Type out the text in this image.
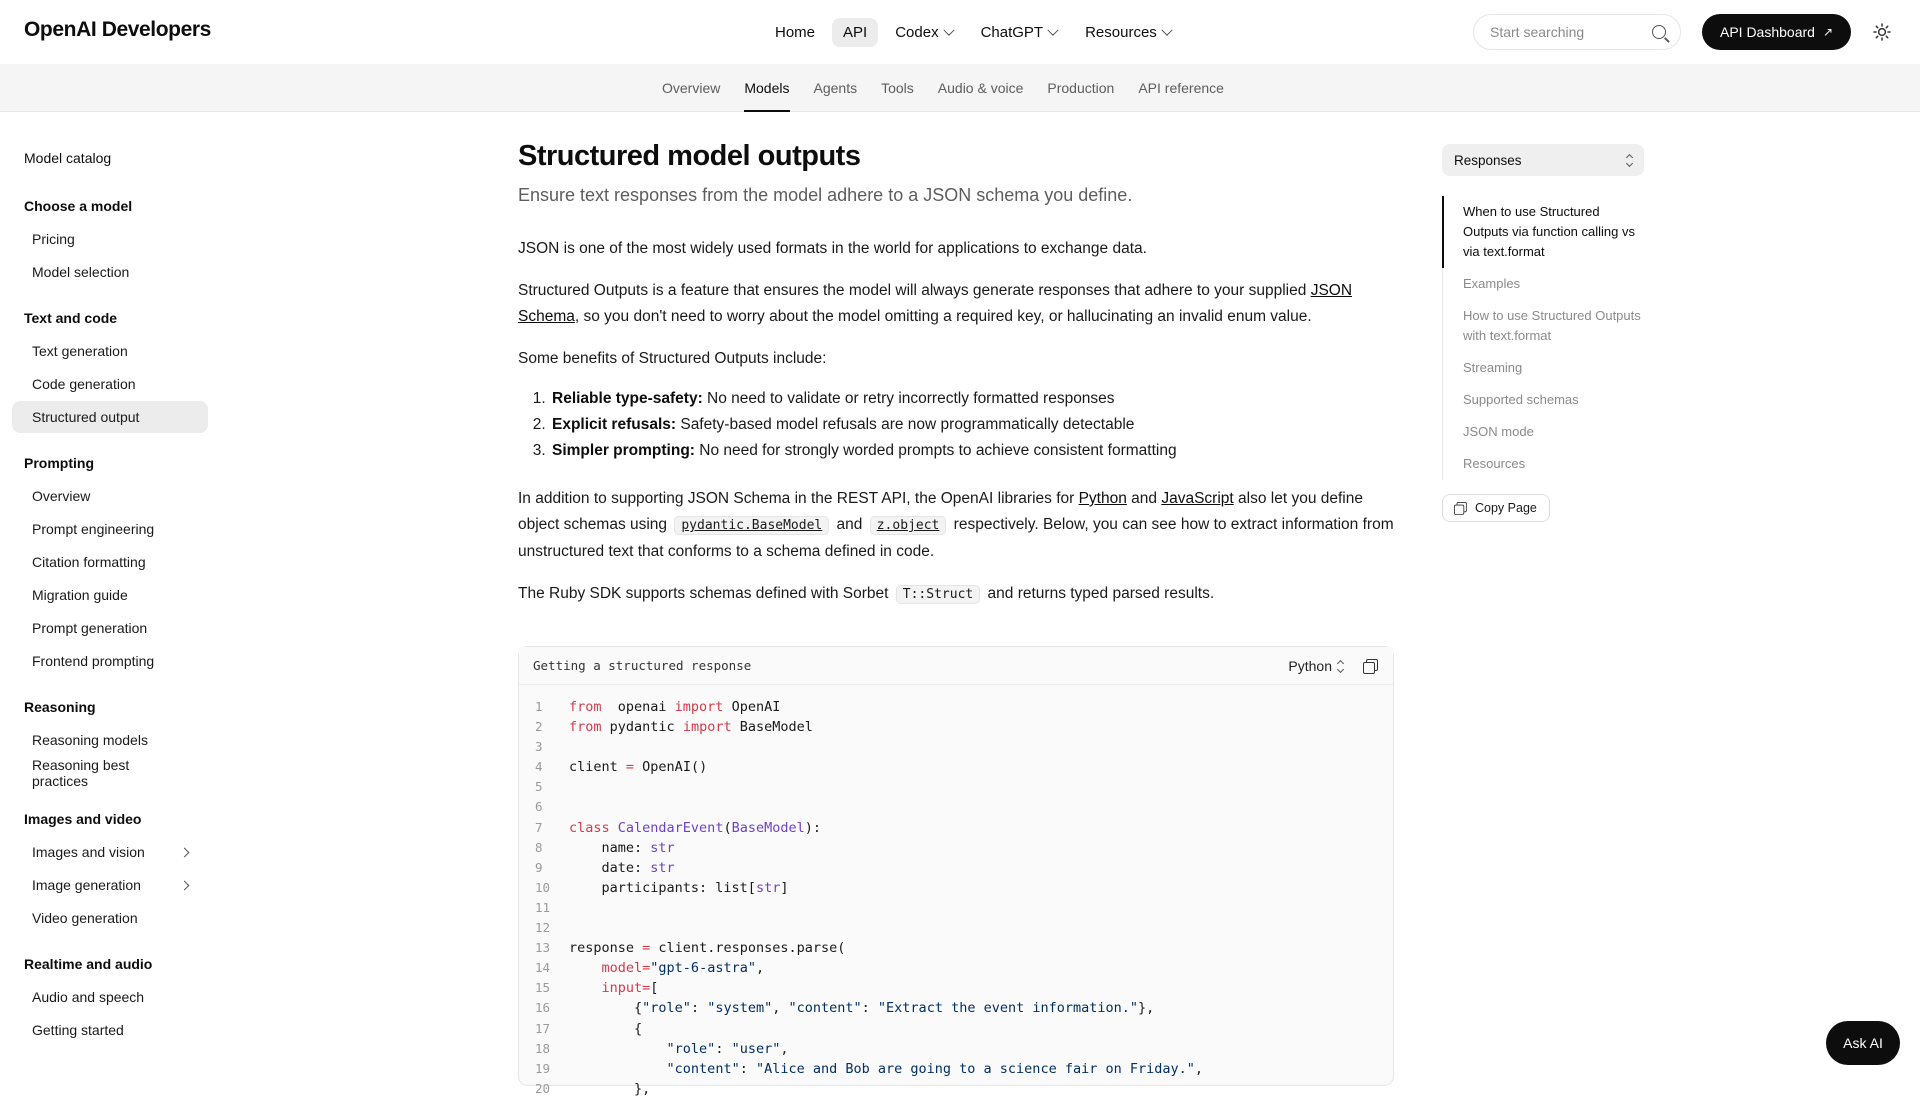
OpenAI Developers	Home API Codex	ChatGPT	Resources	Start searching	API Dashboard ↗
Overview Models Agents Tools Audio & voice Production API reference
Model catalog
Choose a model
Pricing
Model selection
Text and code
Text generation
Code generation
Structured output
Prompting
Overview
Prompt engineering
Citation formatting
Migration guide
Prompt generation
Frontend prompting
Reasoning
Reasoning models
Reasoning best practices
Images and video
Images and vision
Image generation
Video generation
Realtime and audio
Audio and speech
Getting started
Structured model outputs
Ensure text responses from the model adhere to a JSON schema you define.

JSON is one of the most widely used formats in the world for applications to exchange data.

Structured Outputs is a feature that ensures the model will always generate responses that adhere to your supplied JSON Schema, so you don't need to worry about the model omitting a required key, or hallucinating an invalid enum value.

Some benefits of Structured Outputs include:

1. Reliable type-safety: No need to validate or retry incorrectly formatted responses
2. Explicit refusals: Safety-based model refusals are now programmatically detectable
3. Simpler prompting: No need for strongly worded prompts to achieve consistent formatting

In addition to supporting JSON Schema in the REST API, the OpenAI libraries for Python and JavaScript also let you define object schemas using pydantic.BaseModel and z.object respectively. Below, you can see how to extract information from unstructured text that conforms to a schema defined in code.

The Ruby SDK supports schemas defined with Sorbet T::Struct and returns typed parsed results.

Getting a structured response	Python
1	from  openai import OpenAI
2	from pydantic import BaseModel
3
4	client = OpenAI()
5
6
7	class CalendarEvent(BaseModel):
8	name: str
9	date: str
10	participants: list[str]
11
12
13	response = client.responses.parse(
14	model="gpt-6-astra",
15	input=[
16	{"role": "system", "content": "Extract the event information."},
17	{
18	"role": "user",
19	"content": "Alice and Bob are going to a science fair on Friday.",
20	},
Responses
When to use Structured Outputs via function calling vs via text.format
Examples
How to use Structured Outputs with text.format
Streaming
Supported schemas
JSON mode
Resources
Copy Page
Ask AI
